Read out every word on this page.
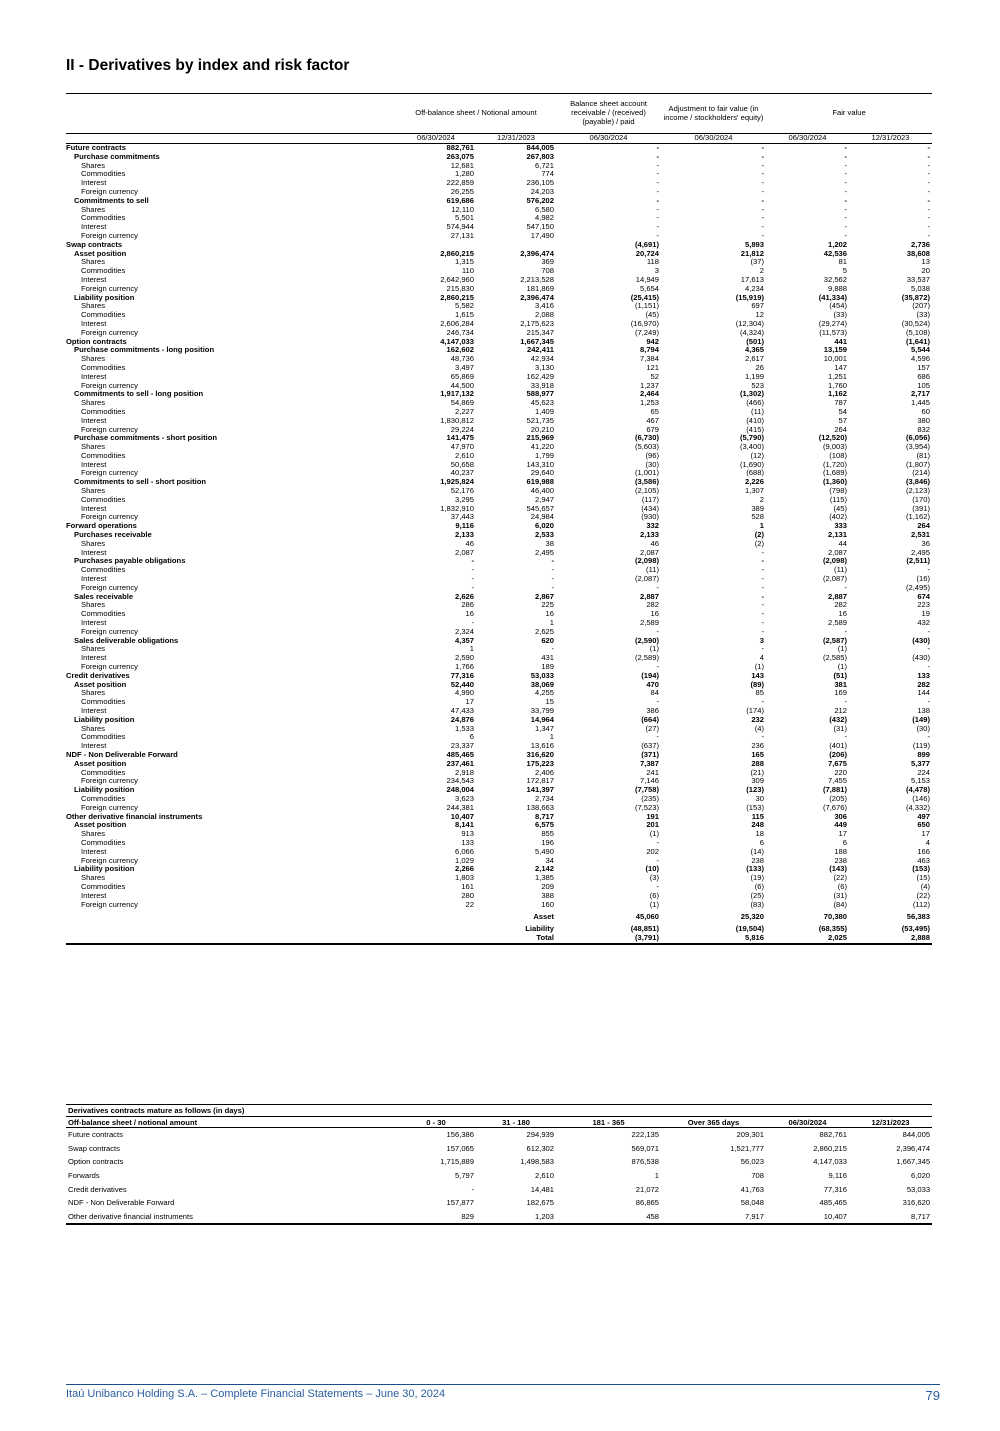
II - Derivatives by index and risk factor
	Off-balance sheet / Notional amount		Balance sheet account receivable / (received) (payable) / paid	Adjustment to fair value (in income / stockholders' equity)	Fair value	
	06/30/2024	12/31/2023	06/30/2024	06/30/2024	06/30/2024	12/31/2023
Future contracts	882,761	844,005	-	-	-	-
Purchase commitments	263,075	267,803	-	-	-	-
Shares	12,681	6,721	-	-	-	-
Commodities	1,280	774	-	-	-	-
Interest	222,859	236,105	-	-	-	-
Foreign currency	26,255	24,203	-	-	-	-
Commitments to sell	619,686	576,202	-	-	-	-
Shares	12,110	6,580	-	-	-	-
Commodities	5,501	4,982	-	-	-	-
Interest	574,944	547,150	-	-	-	-
Foreign currency	27,131	17,490	-	-	-	-
Swap contracts			(4,691)	5,893	1,202	2,736
Asset position	2,860,215	2,396,474	20,724	21,812	42,536	38,608
Shares	1,315	369	118	(37)	81	13
Commodities	110	708	3	2	5	20
Interest	2,642,960	2,213,528	14,949	17,613	32,562	33,537
Foreign currency	215,830	181,869	5,654	4,234	9,888	5,038
Liability position	2,860,215	2,396,474	(25,415)	(15,919)	(41,334)	(35,872)
Shares	5,582	3,416	(1,151)	697	(454)	(207)
Commodities	1,615	2,088	(45)	12	(33)	(33)
Interest	2,606,284	2,175,623	(16,970)	(12,304)	(29,274)	(30,524)
Foreign currency	246,734	215,347	(7,249)	(4,324)	(11,573)	(5,108)
Option contracts	4,147,033	1,667,345	942	(501)	441	(1,641)
Purchase commitments - long position	162,602	242,411	8,794	4,365	13,159	5,544
Shares	48,736	42,934	7,384	2,617	10,001	4,596
Commodities	3,497	3,130	121	26	147	157
Interest	65,869	162,429	52	1,199	1,251	686
Foreign currency	44,500	33,918	1,237	523	1,760	105
Commitments to sell - long position	1,917,132	588,977	2,464	(1,302)	1,162	2,717
Shares	54,869	45,623	1,253	(466)	787	1,445
Commodities	2,227	1,409	65	(11)	54	60
Interest	1,830,812	521,735	467	(410)	57	380
Foreign currency	29,224	20,210	679	(415)	264	832
Purchase commitments - short position	141,475	215,969	(6,730)	(5,790)	(12,520)	(6,056)
Shares	47,970	41,220	(5,603)	(3,400)	(9,003)	(3,954)
Commodities	2,610	1,799	(96)	(12)	(108)	(81)
Interest	50,658	143,310	(30)	(1,690)	(1,720)	(1,807)
Foreign currency	40,237	29,640	(1,001)	(688)	(1,689)	(214)
Commitments to sell - short position	1,925,824	619,988	(3,586)	2,226	(1,360)	(3,846)
Shares	52,176	46,400	(2,105)	1,307	(798)	(2,123)
Commodities	3,295	2,947	(117)	2	(115)	(170)
Interest	1,832,910	545,657	(434)	389	(45)	(391)
Foreign currency	37,443	24,984	(930)	528	(402)	(1,162)
Forward operations	9,116	6,020	332	1	333	264
Purchases receivable	2,133	2,533	2,133	(2)	2,131	2,531
Shares	46	38	46	(2)	44	36
Interest	2,087	2,495	2,087	-	2,087	2,495
Purchases payable obligations	-	-	(2,098)	-	(2,098)	(2,511)
Commodities	-	-	(11)	-	(11)	-
Interest	-	-	(2,087)	-	(2,087)	(16)
Foreign currency	-	-	-	-	-	(2,495)
Sales receivable	2,626	2,867	2,887	-	2,887	674
Shares	286	225	282	-	282	223
Commodities	16	16	16	-	16	19
Interest	-	1	2,589	-	2,589	432
Foreign currency	2,324	2,625	-	-	-	-
Sales deliverable obligations	4,357	620	(2,590)	3	(2,587)	(430)
Shares	1	-	(1)	-	(1)	-
Interest	2,590	431	(2,589)	4	(2,585)	(430)
Foreign currency	1,766	189	-	(1)	(1)	-
Credit derivatives	77,316	53,033	(194)	143	(51)	133
Asset position	52,440	38,069	470	(89)	381	282
Shares	4,990	4,255	84	85	169	144
Commodities	17	15	-	-	-	-
Interest	47,433	33,799	386	(174)	212	138
Liability position	24,876	14,964	(664)	232	(432)	(149)
Shares	1,533	1,347	(27)	(4)	(31)	(30)
Commodities	6	1	-	-	-	-
Interest	23,337	13,616	(637)	236	(401)	(119)
NDF - Non Deliverable Forward	485,465	316,620	(371)	165	(206)	899
Asset position	237,461	175,223	7,387	288	7,675	5,377
Commodities	2,918	2,406	241	(21)	220	224
Foreign currency	234,543	172,817	7,146	309	7,455	5,153
Liability position	248,004	141,397	(7,758)	(123)	(7,881)	(4,478)
Commodities	3,623	2,734	(235)	30	(205)	(146)
Foreign currency	244,381	138,663	(7,523)	(153)	(7,676)	(4,332)
Other derivative financial instruments	10,407	8,717	191	115	306	497
Asset position	8,141	6,575	201	248	449	650
Shares	913	855	(1)	18	17	17
Commodities	133	196	-	6	6	4
Interest	6,066	5,490	202	(14)	188	166
Foreign currency	1,029	34	-	238	238	463
Liability position	2,266	2,142	(10)	(133)	(143)	(153)
Shares	1,803	1,385	(3)	(19)	(22)	(15)
Commodities	161	209	-	(6)	(6)	(4)
Interest	280	388	(6)	(25)	(31)	(22)
Foreign currency	22	160	(1)	(83)	(84)	(112)
		Asset	45,060	25,320	70,380	56,383
		Liability	(48,851)	(19,504)	(68,355)	(53,495)
		Total	(3,791)	5,816	2,025	2,888
Derivatives contracts mature as follows (in days)						
Off-balance sheet / notional amount	0 - 30	31 - 180	181 - 365	Over 365 days	06/30/2024	12/31/2023
Future contracts	156,386	294,939	222,135	209,301	882,761	844,005
Swap contracts	157,065	612,302	569,071	1,521,777	2,860,215	2,396,474
Option contracts	1,715,889	1,498,583	876,538	56,023	4,147,033	1,667,345
Forwards	5,797	2,610	1	708	9,116	6,020
Credit derivatives	-	14,481	21,072	41,763	77,316	53,033
NDF - Non Deliverable Forward	157,877	182,675	86,865	58,048	485,465	316,620
Other derivative financial instruments	829	1,203	458	7,917	10,407	8,717
Itaú Unibanco Holding S.A. – Complete Financial Statements – June 30, 2024	79
